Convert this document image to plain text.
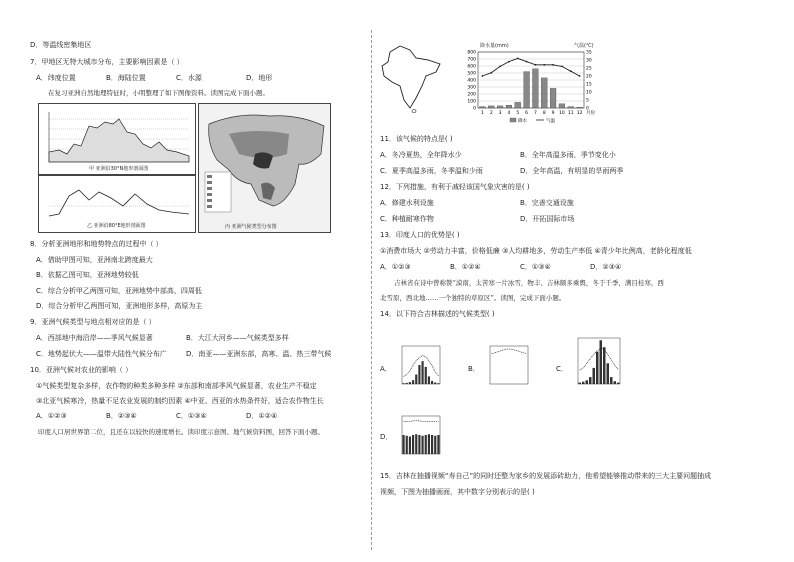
D．等温线密集地区
7．甲地区无特大城市分布，主要影响因素是（ ）
A．纬度位置	B．海陆位置	C．水源	D．地形
在复习亚洲自然地理特征时，小明整理了如下图像资料。读图完成下面小题。
甲 亚洲沿30°N地形剖面图
乙 亚洲沿80°E地形剖面图	丙 亚洲气候类型分布图
8．分析亚洲地形和地势特点的过程中（ ）
A．借助甲图可知，亚洲南北跨度最大
B．依据乙图可知，亚洲地势较低
C．综合分析甲乙两图可知，亚洲地势中部高、四周低
D．综合分析甲乙两图可知，亚洲地形多样，高原为主
9．亚洲气候类型与地点相对应的是（ ）
A．西部地中海沿岸——季风气候显著	B．大江大河乡——气候类型多样
C．地势起伏大——温带大陆性气候分布广	D．南亚——亚洲东部，高寒、温、热三带气候
10．亚洲气候对农业的影响（ ）
①气候类型复杂多样，农作物的种类多种多样 ②东部和南部季风气候显著，农业生产不稳定
③北亚气候寒冷，热量不足农业发展的制约因素 ④中亚、西亚的水热条件好，适合农作物生长
A．①②③	B．②③④	C．①③④	D．①②④
印度人口居世界第二位，且还在以较快的速度增长。读印度示意图、地气候资料图，回答下面小题。
降水量(mm)	气温(℃)
0
100
200
300
400
500
600
700
800
0
5
10
15
20
25
30
35
1 2 3 4 5 6 7 8 9 10 11 12 月份
降水	气温
11．该气候的特点是( )
A．冬冷夏热，全年降水少	B．全年高温多雨，季节变化小
C．夏季高温多雨，冬季温和少雨	D．全年高温，有明显的旱雨两季
12．下列措施，有利于减轻该国气象灾害的是( )
A．修建水利设施	B．完善交通设施
C．种植耐寒作物	D．开拓国际市场
13．印度人口的优势是( )
①消费市场大 ②劳动力丰富，价格低廉 ③人均耕地多，劳动生产率低 ④青少年比例高，老龄化程度低
A．①②③	B．①②④	C．①③④	D．②③④
吉林省在诗中曾称赞“漠南，太苦寒一片冰雪，物丰、吉林颇多乘舆，冬于千季，满目桂寒，西
北雪原，西北地……一个独特的草原区”。读图，完成下面小题。
14．以下符合吉林描述的气候类型( )
A．	B．	C．
D．
15．吉林在抽播视频“寿自己”的同时还整为家乡的发展添砖助力，他希望能够推动带来的三大主要问题抽成
视频，下图为抽播画面，其中数字分别表示的是( )
